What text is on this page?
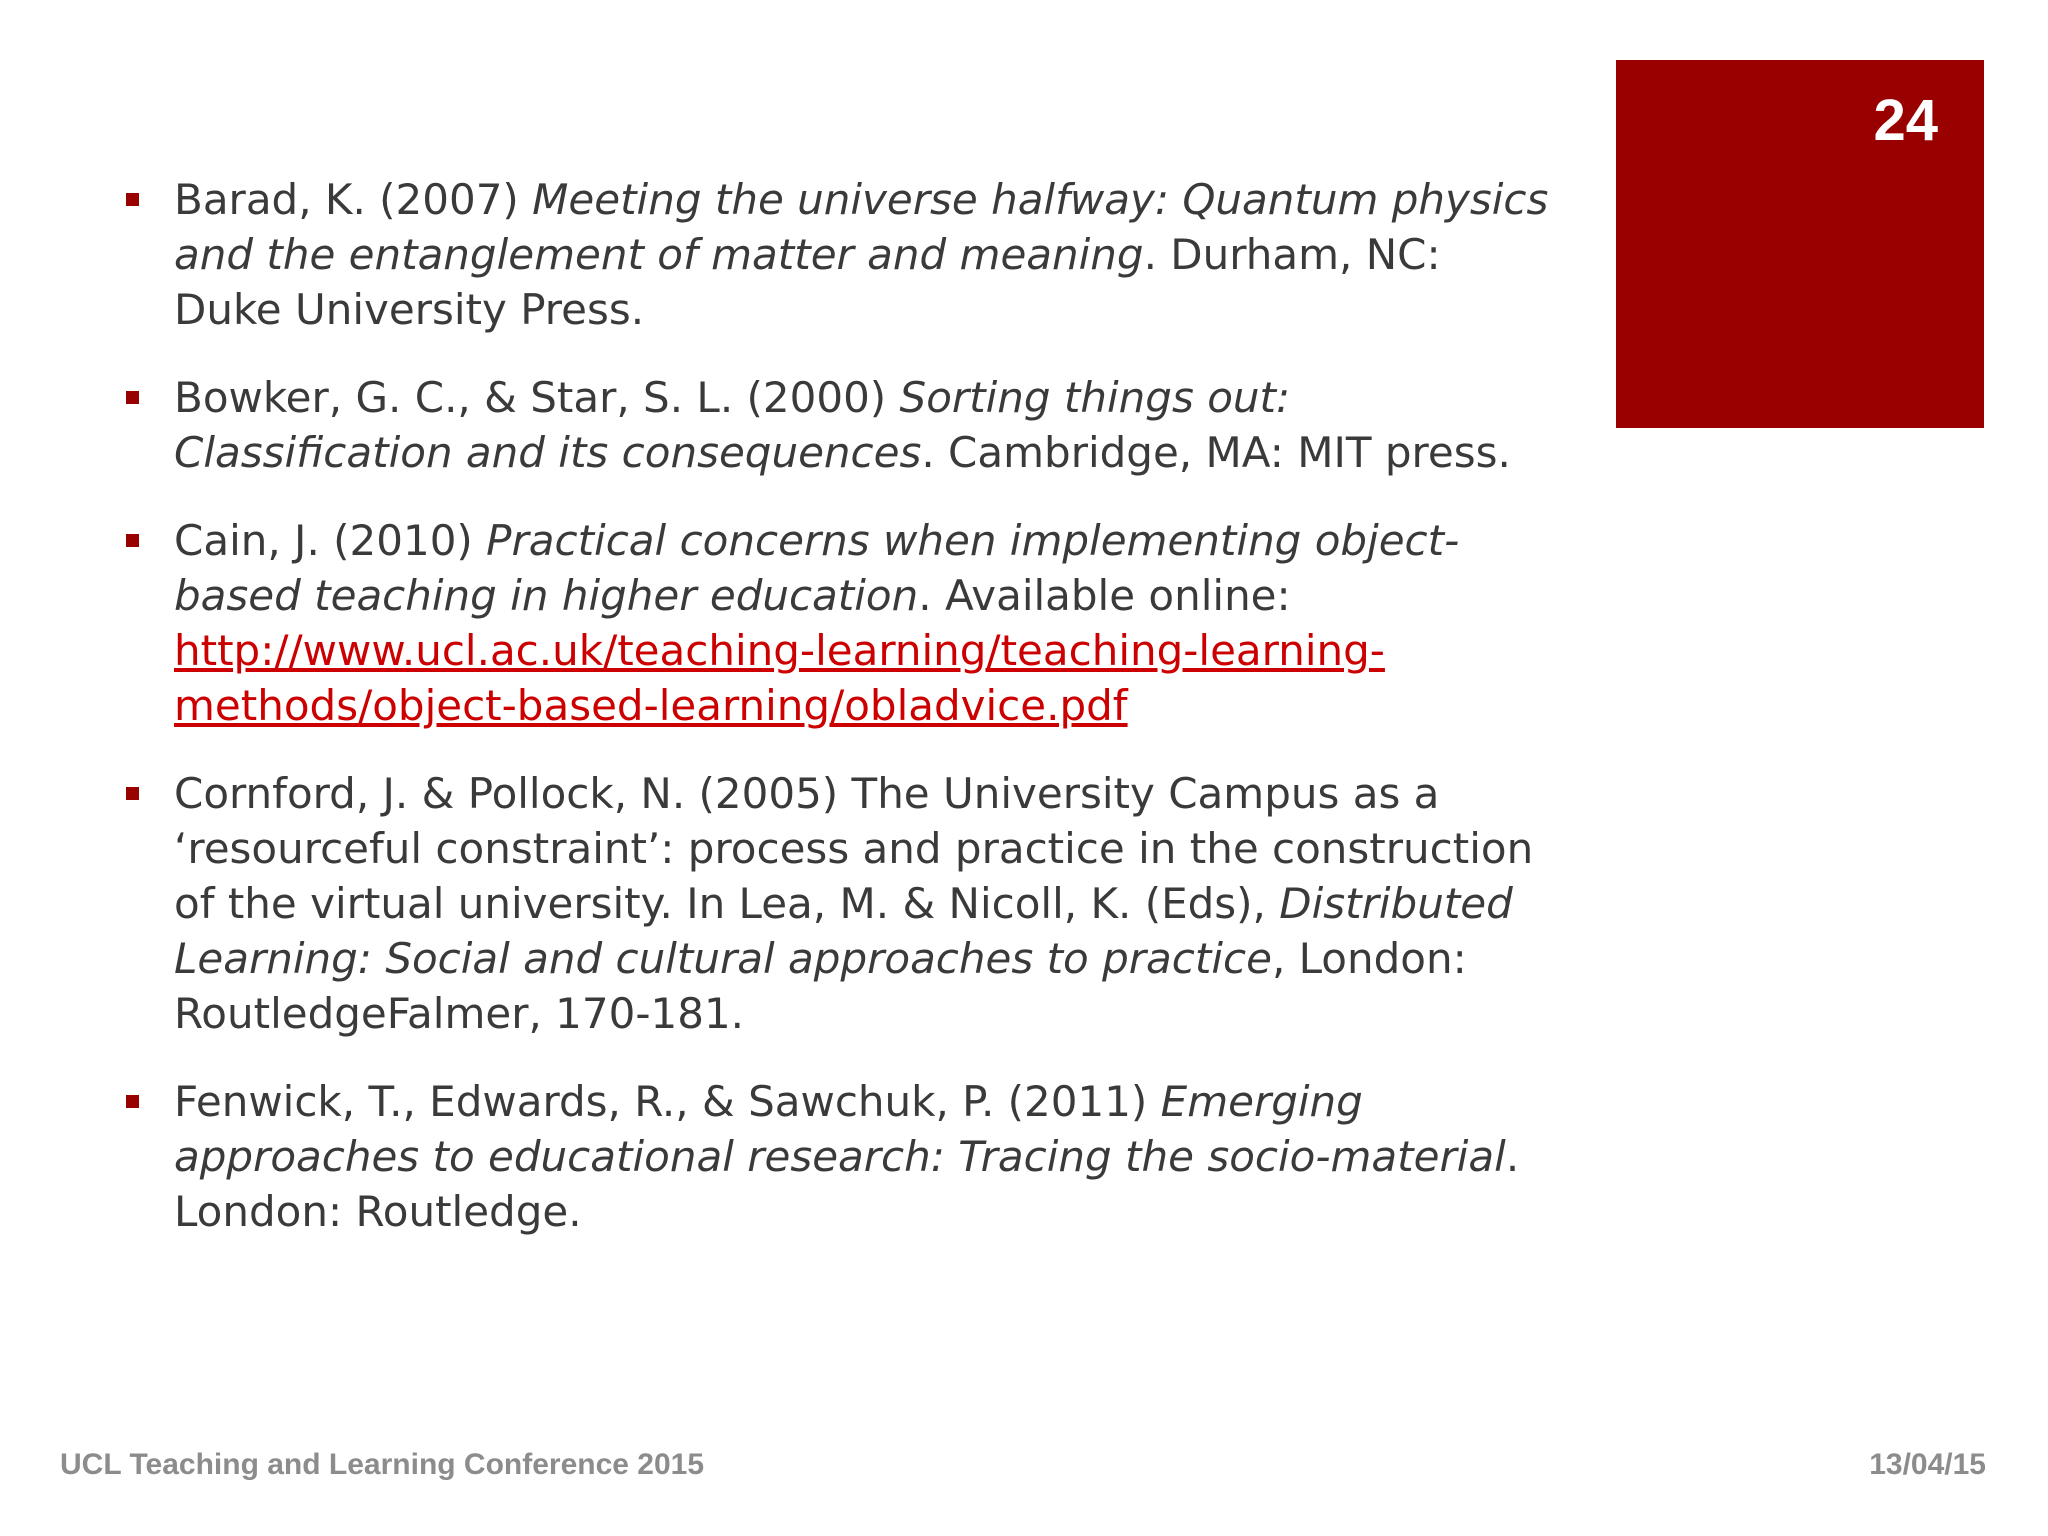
24
Barad, K. (2007) Meeting the universe halfway: Quantum physics and the entanglement of matter and meaning. Durham, NC: Duke University Press.
Bowker, G. C., & Star, S. L. (2000) Sorting things out: Classification and its consequences. Cambridge, MA: MIT press.
Cain, J. (2010) Practical concerns when implementing object-based teaching in higher education. Available online: http://www.ucl.ac.uk/teaching-learning/teaching-learning-methods/object-based-learning/obladvice.pdf
Cornford, J. & Pollock, N. (2005) The University Campus as a ‘resourceful constraint’: process and practice in the construction of the virtual university. In Lea, M. & Nicoll, K. (Eds), Distributed Learning: Social and cultural approaches to practice, London: RoutledgeFalmer, 170-181.
Fenwick, T., Edwards, R., & Sawchuk, P. (2011) Emerging approaches to educational research: Tracing the socio-material. London: Routledge.
UCL Teaching and Learning Conference 2015	13/04/15
